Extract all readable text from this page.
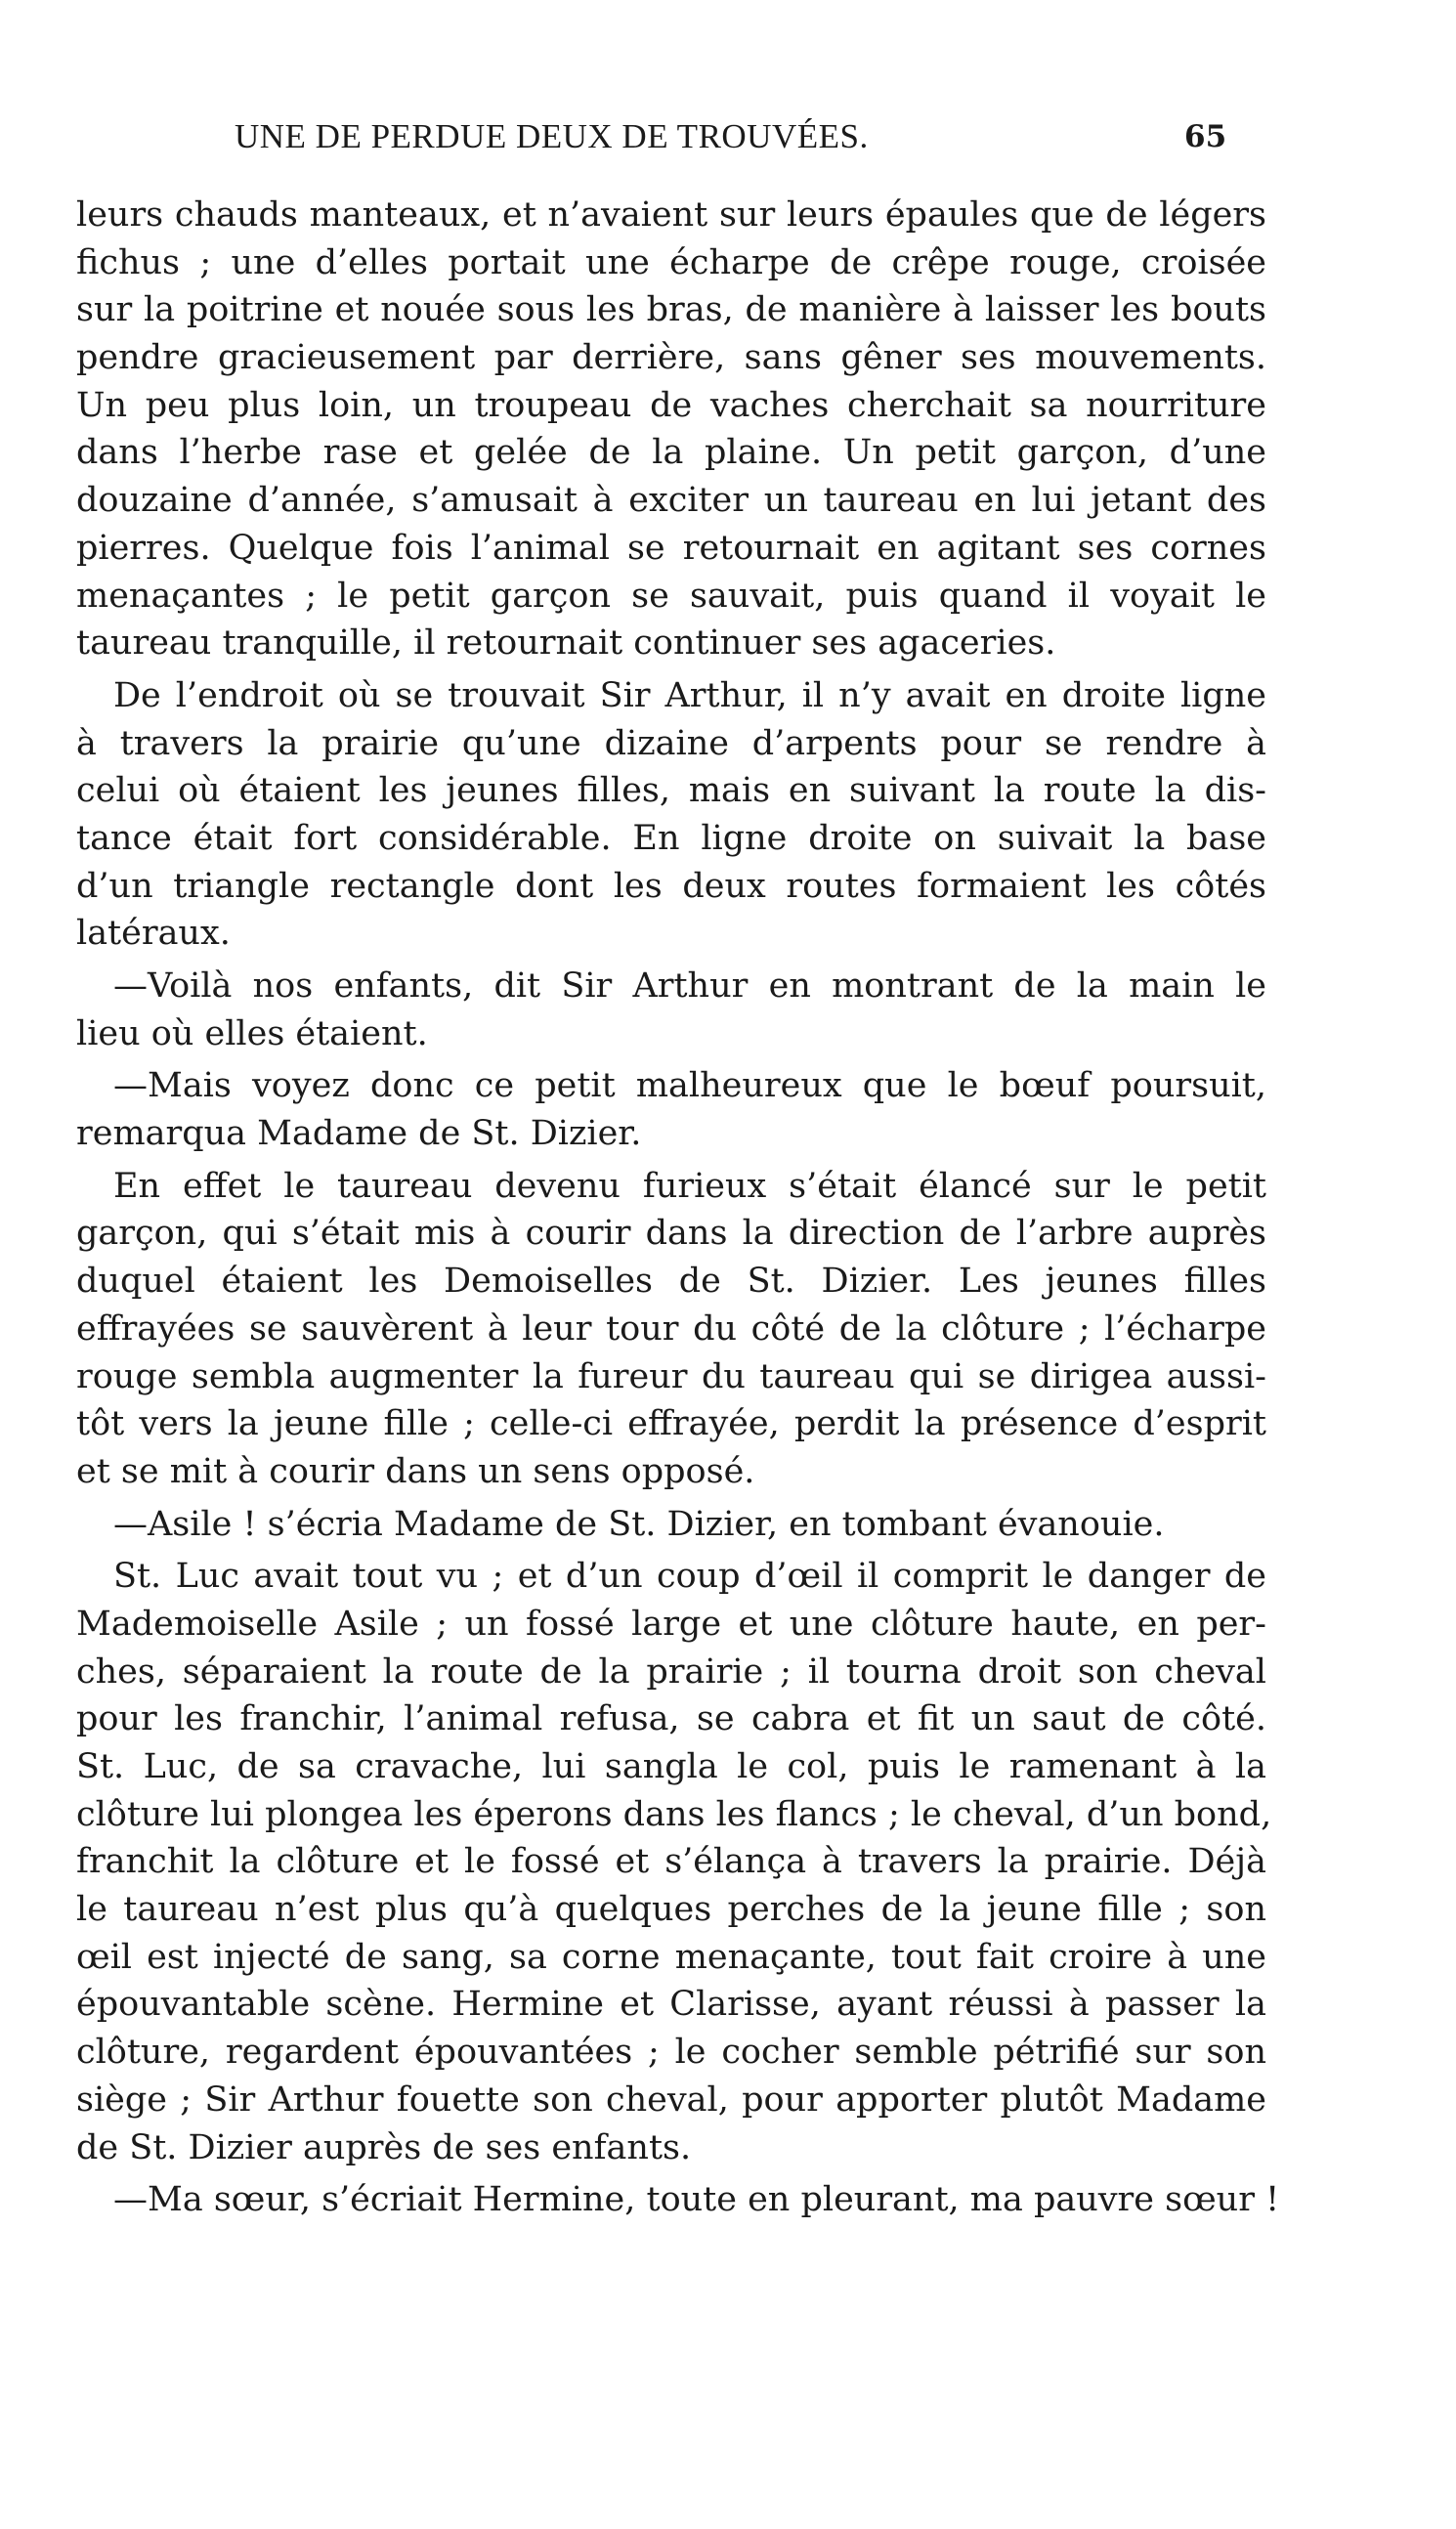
UNE DE PERDUE DEUX DE TROUVÉES.	65
leurs chauds manteaux, et n’avaient sur leurs épaules que de légers
fichus ; une d’elles portait une écharpe de crêpe rouge, croisée
sur la poitrine et nouée sous les bras, de manière à laisser les bouts
pendre gracieusement par derrière, sans gêner ses mouvements.
Un peu plus loin, un troupeau de vaches cherchait sa nourriture
dans l’herbe rase et gelée de la plaine. Un petit garçon, d’une
douzaine d’année, s’amusait à exciter un taureau en lui jetant des
pierres. Quelque fois l’animal se retournait en agitant ses cornes
menaçantes ; le petit garçon se sauvait, puis quand il voyait le
taureau tranquille, il retournait continuer ses agaceries.
De l’endroit où se trouvait Sir Arthur, il n’y avait en droite ligne
à travers la prairie qu’une dizaine d’arpents pour se rendre à
celui où étaient les jeunes filles, mais en suivant la route la dis-
tance était fort considérable. En ligne droite on suivait la base
d’un triangle rectangle dont les deux routes formaient les côtés
latéraux.
—Voilà nos enfants, dit Sir Arthur en montrant de la main le
lieu où elles étaient.
—Mais voyez donc ce petit malheureux que le bœuf poursuit,
remarqua Madame de St. Dizier.
En effet le taureau devenu furieux s’était élancé sur le petit
garçon, qui s’était mis à courir dans la direction de l’arbre auprès
duquel étaient les Demoiselles de St. Dizier. Les jeunes filles
effrayées se sauvèrent à leur tour du côté de la clôture ; l’écharpe
rouge sembla augmenter la fureur du taureau qui se dirigea aussi-
tôt vers la jeune fille ; celle-ci effrayée, perdit la présence d’esprit
et se mit à courir dans un sens opposé.
—Asile ! s’écria Madame de St. Dizier, en tombant évanouie.
St. Luc avait tout vu ; et d’un coup d’œil il comprit le danger de
Mademoiselle Asile ; un fossé large et une clôture haute, en per-
ches, séparaient la route de la prairie ; il tourna droit son cheval
pour les franchir, l’animal refusa, se cabra et fit un saut de côté.
St. Luc, de sa cravache, lui sangla le col, puis le ramenant à la
clôture lui plongea les éperons dans les flancs ; le cheval, d’un bond,
franchit la clôture et le fossé et s’élança à travers la prairie. Déjà
le taureau n’est plus qu’à quelques perches de la jeune fille ; son
œil est injecté de sang, sa corne menaçante, tout fait croire à une
épouvantable scène. Hermine et Clarisse, ayant réussi à passer la
clôture, regardent épouvantées ; le cocher semble pétrifié sur son
siège ; Sir Arthur fouette son cheval, pour apporter plutôt Madame
de St. Dizier auprès de ses enfants.
—Ma sœur, s’écriait Hermine, toute en pleurant, ma pauvre sœur !
